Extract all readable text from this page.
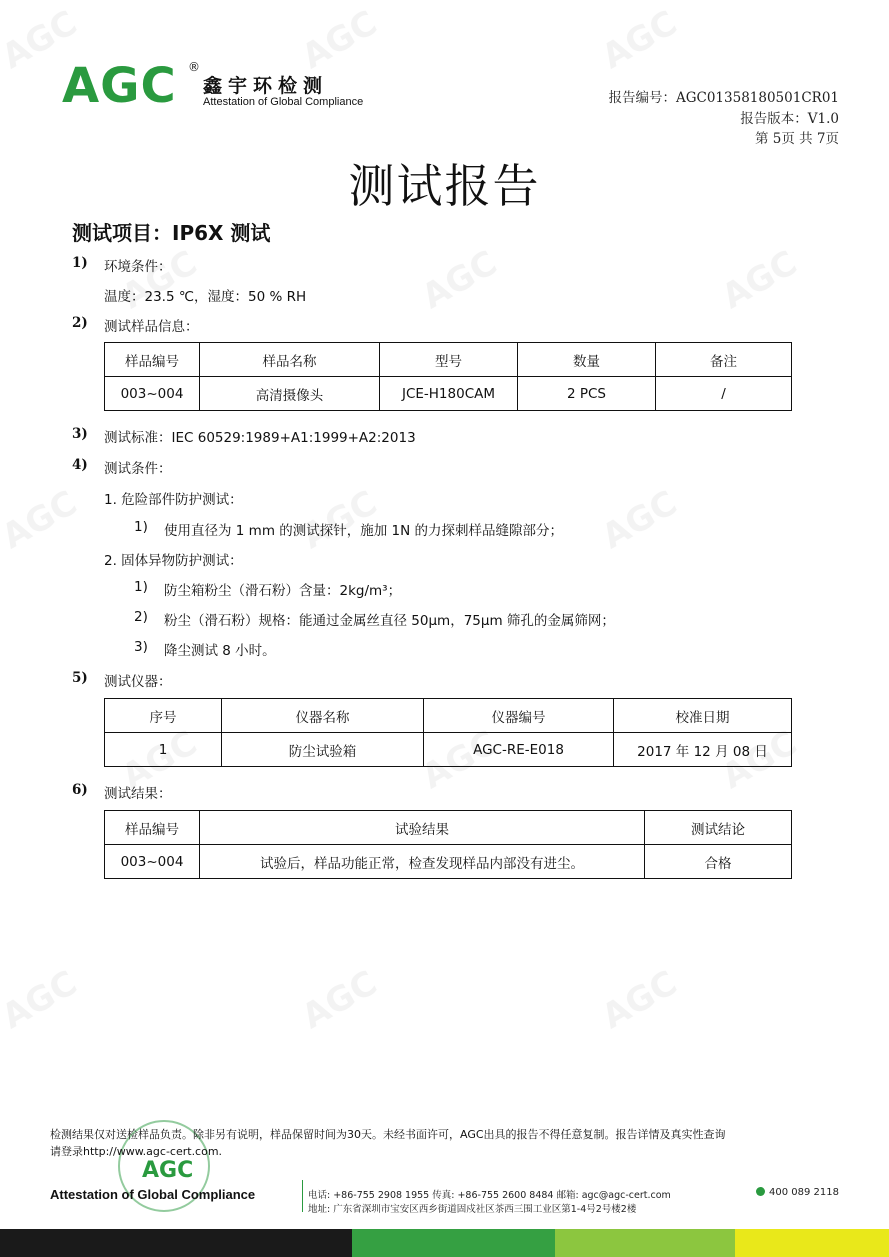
AGC ®
鑫宇环检测
Attestation of Global Compliance	报告编号：AGC01358180501CR01
报告版本：V1.0
第 5页 共 7页
测试报告
测试项目：IP6X 测试
1) 环境条件：
温度：23.5 ℃，湿度：50 % RH
2) 测试样品信息：
样品编号	样品名称	型号	数量	备注
003~004	高清摄像头	JCE-H180CAM	2 PCS	/
3) 测试标准：IEC 60529:1989+A1:1999+A2:2013
4) 测试条件：
1. 危险部件防护测试：
1) 使用直径为 1 mm 的测试探针，施加 1N 的力探刺样品缝隙部分；
2. 固体异物防护测试：
1) 防尘箱粉尘（滑石粉）含量：2kg/m³；
2) 粉尘（滑石粉）规格：能通过金属丝直径 50μm，75μm 筛孔的金属筛网；
3) 降尘测试 8 小时。
5) 测试仪器：
序号	仪器名称	仪器编号	校准日期
1	防尘试验箱	AGC-RE-E018	2017 年 12 月 08 日
6) 测试结果：
样品编号	试验结果	测试结论
003~004	试验后，样品功能正常，检查发现样品内部没有进尘。	合格
检测结果仅对送检样品负责。除非另有说明，样品保留时间为30天。未经书面许可，AGC出具的报告不得任意复制。报告详情及真实性查询
请登录http://www.agc-cert.com.
AGC
Attestation of Global Compliance	电话: +86-755 2908 1955 传真: +86-755 2600 8484 邮箱: agc@agc-cert.com
地址: 广东省深圳市宝安区西乡街道固戍社区茶西三围工业区第1-4号2号楼2楼
400 089 2118
